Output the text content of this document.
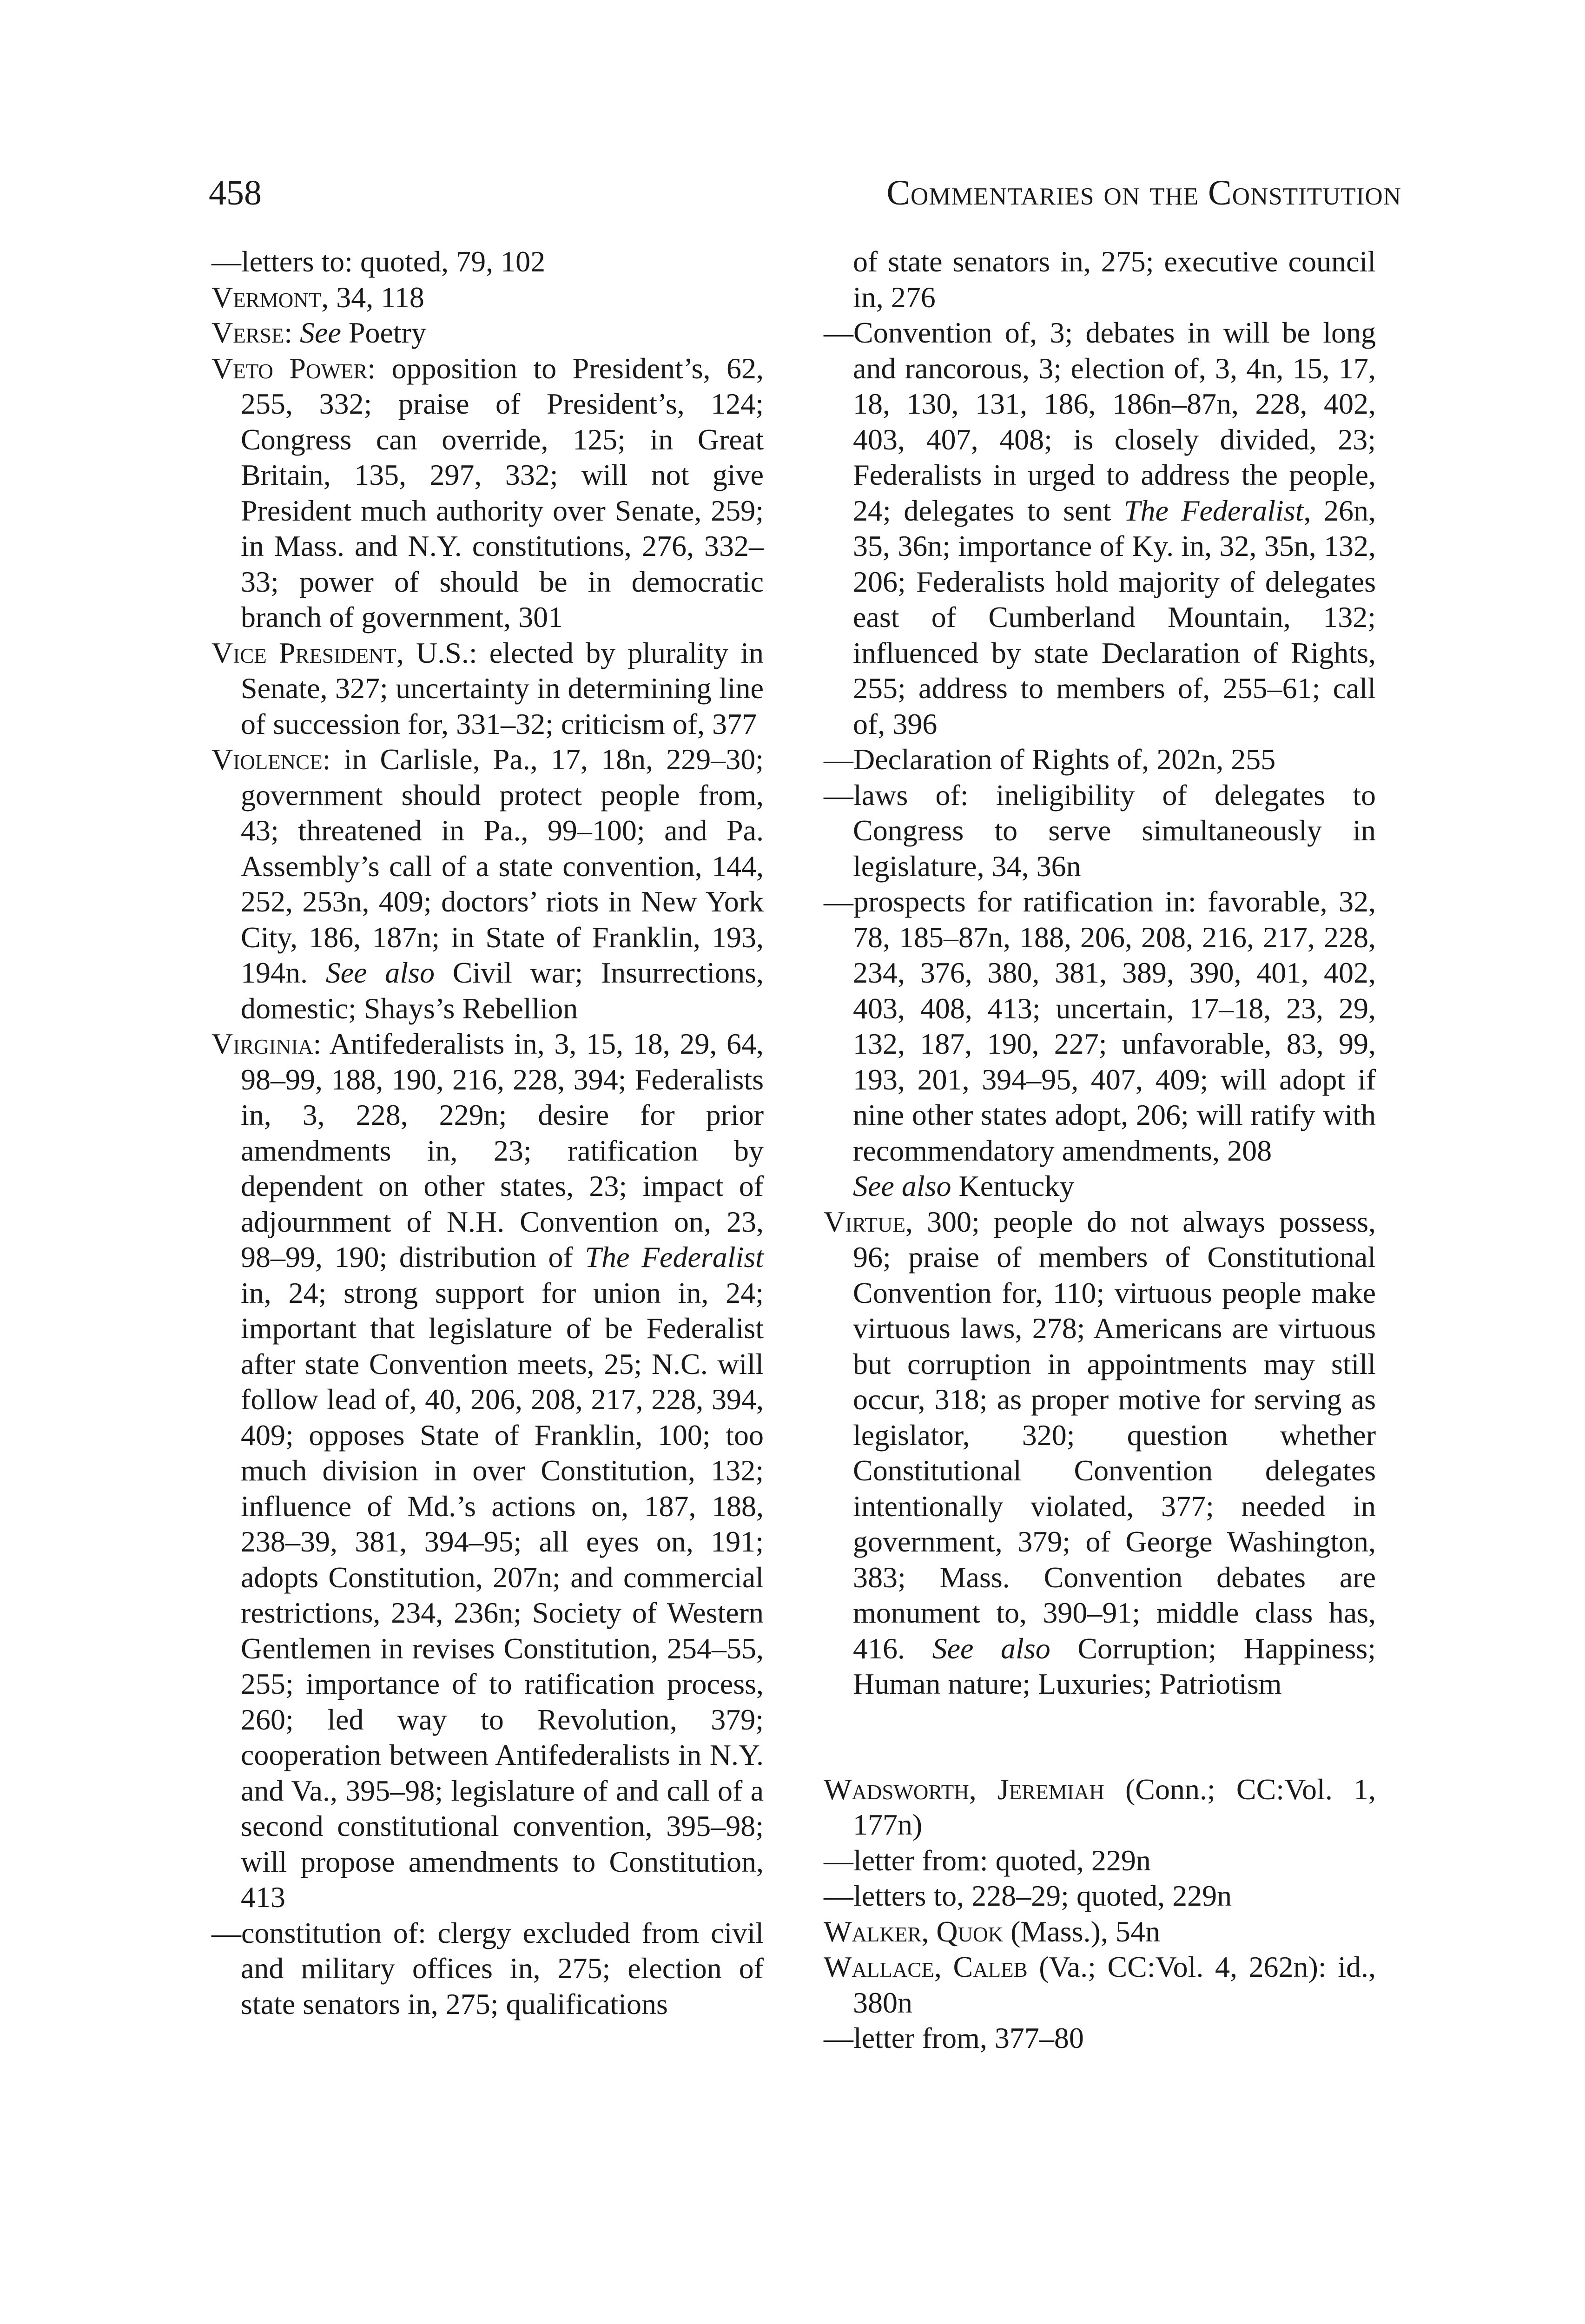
458	Commentaries on the Constitution
—letters to: quoted, 79, 102
Vermont, 34, 118
Verse: See Poetry
Veto Power: opposition to President’s, 62, 255, 332; praise of President’s, 124; Congress can override, 125; in Great Britain, 135, 297, 332; will not give President much authority over Senate, 259; in Mass. and N.Y. constitutions, 276, 332–33; power of should be in democratic branch of government, 301
Vice President, U.S.: elected by plurality in Senate, 327; uncertainty in determining line of succession for, 331–32; criticism of, 377
Violence: in Carlisle, Pa., 17, 18n, 229–30; government should protect people from, 43; threatened in Pa., 99–100; and Pa. Assembly’s call of a state convention, 144, 252, 253n, 409; doctors’ riots in New York City, 186, 187n; in State of Franklin, 193, 194n. See also Civil war; Insurrections, domestic; Shays’s Rebellion
Virginia: Antifederalists in, 3, 15, 18, 29, 64, 98–99, 188, 190, 216, 228, 394; Federalists in, 3, 228, 229n; desire for prior amendments in, 23; ratification by dependent on other states, 23; impact of adjournment of N.H. Convention on, 23, 98–99, 190; distribution of The Federalist in, 24; strong support for union in, 24; important that legislature of be Federalist after state Convention meets, 25; N.C. will follow lead of, 40, 206, 208, 217, 228, 394, 409; opposes State of Franklin, 100; too much division in over Constitution, 132; influence of Md.’s actions on, 187, 188, 238–39, 381, 394–95; all eyes on, 191; adopts Constitution, 207n; and commercial restrictions, 234, 236n; Society of Western Gentlemen in revises Constitution, 254–55, 255; importance of to ratification process, 260; led way to Revolution, 379; cooperation between Antifederalists in N.Y. and Va., 395–98; legislature of and call of a second constitutional convention, 395–98; will propose amendments to Constitution, 413
—constitution of: clergy excluded from civil and military offices in, 275; election of state senators in, 275; qualifications
of state senators in, 275; executive council in, 276
—Convention of, 3; debates in will be long and rancorous, 3; election of, 3, 4n, 15, 17, 18, 130, 131, 186, 186n–87n, 228, 402, 403, 407, 408; is closely divided, 23; Federalists in urged to address the people, 24; delegates to sent The Federalist, 26n, 35, 36n; importance of Ky. in, 32, 35n, 132, 206; Federalists hold majority of delegates east of Cumberland Mountain, 132; influenced by state Declaration of Rights, 255; address to members of, 255–61; call of, 396
—Declaration of Rights of, 202n, 255
—laws of: ineligibility of delegates to Congress to serve simultaneously in legislature, 34, 36n
—prospects for ratification in: favorable, 32, 78, 185–87n, 188, 206, 208, 216, 217, 228, 234, 376, 380, 381, 389, 390, 401, 402, 403, 408, 413; uncertain, 17–18, 23, 29, 132, 187, 190, 227; unfavorable, 83, 99, 193, 201, 394–95, 407, 409; will adopt if nine other states adopt, 206; will ratify with recommendatory amendments, 208
See also Kentucky
Virtue, 300; people do not always possess, 96; praise of members of Constitutional Convention for, 110; virtuous people make virtuous laws, 278; Americans are virtuous but corruption in appointments may still occur, 318; as proper motive for serving as legislator, 320; question whether Constitutional Convention delegates intentionally violated, 377; needed in government, 379; of George Washington, 383; Mass. Convention debates are monument to, 390–91; middle class has, 416. See also Corruption; Happiness; Human nature; Luxuries; Patriotism
Wadsworth, Jeremiah (Conn.; CC:Vol. 1, 177n)
—letter from: quoted, 229n
—letters to, 228–29; quoted, 229n
Walker, Quok (Mass.), 54n
Wallace, Caleb (Va.; CC:Vol. 4, 262n): id., 380n
—letter from, 377–80
